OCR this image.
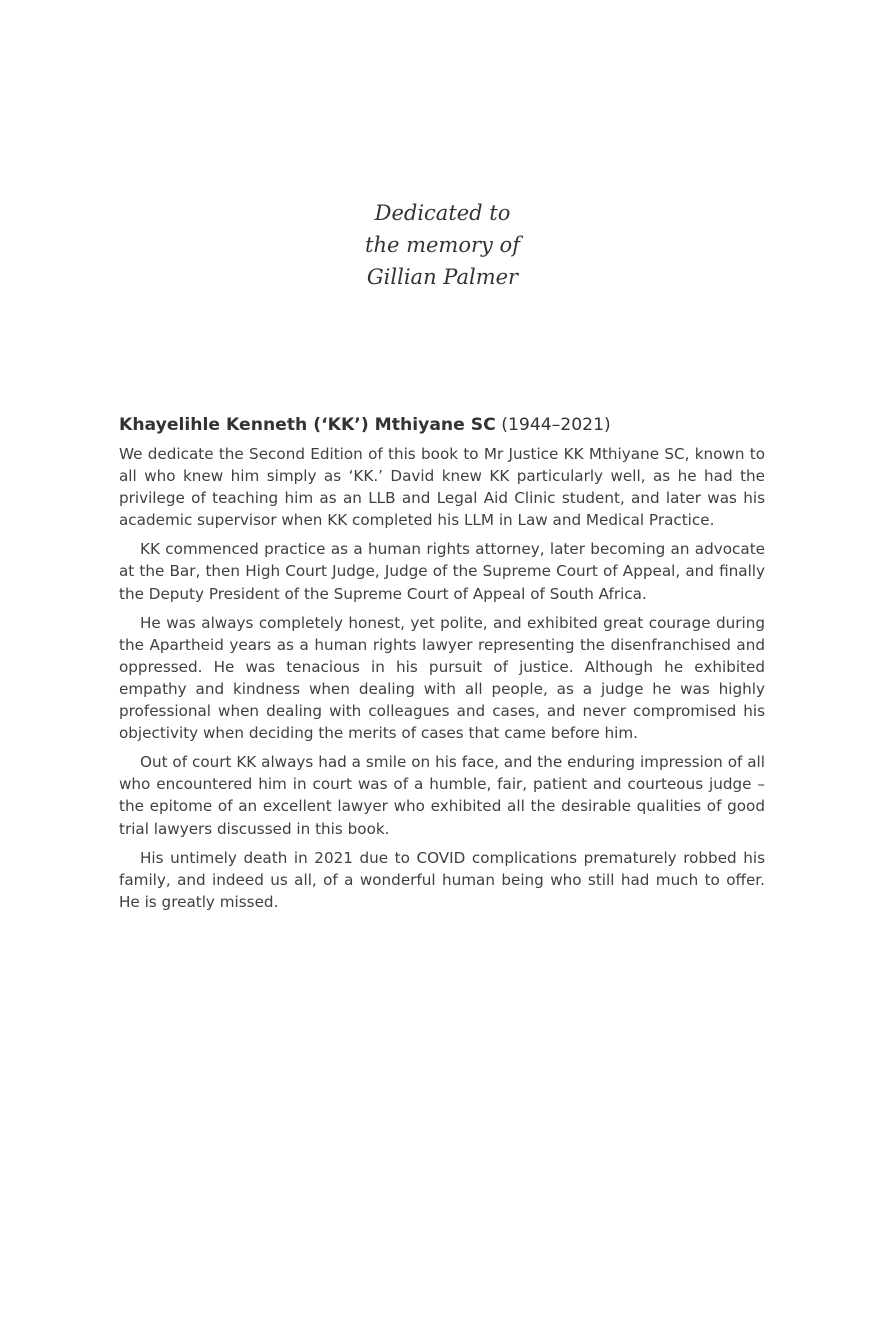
Dedicated to
the memory of
Gillian Palmer
Khayelihle Kenneth (‘KK’) Mthiyane SC (1944–2021)

We dedicate the Second Edition of this book to Mr Justice KK Mthiyane SC, known to all who knew him simply as ‘KK.’ David knew KK particularly well, as he had the privilege of teaching him as an LLB and Legal Aid Clinic student, and later was his academic supervisor when KK completed his LLM in Law and Medical Practice.

KK commenced practice as a human rights attorney, later becoming an advocate at the Bar, then High Court Judge, Judge of the Supreme Court of Appeal, and finally the Deputy President of the Supreme Court of Appeal of South Africa.

He was always completely honest, yet polite, and exhibited great courage during the Apartheid years as a human rights lawyer representing the disenfranchised and oppressed. He was tenacious in his pursuit of justice. Although he exhibited empathy and kindness when dealing with all people, as a judge he was highly professional when dealing with colleagues and cases, and never compromised his objectivity when deciding the merits of cases that came before him.

Out of court KK always had a smile on his face, and the enduring impression of all who encountered him in court was of a humble, fair, patient and courteous judge – the epitome of an excellent lawyer who exhibited all the desirable qualities of good trial lawyers discussed in this book.

His untimely death in 2021 due to COVID complications prematurely robbed his family, and indeed us all, of a wonderful human being who still had much to offer. He is greatly missed.
